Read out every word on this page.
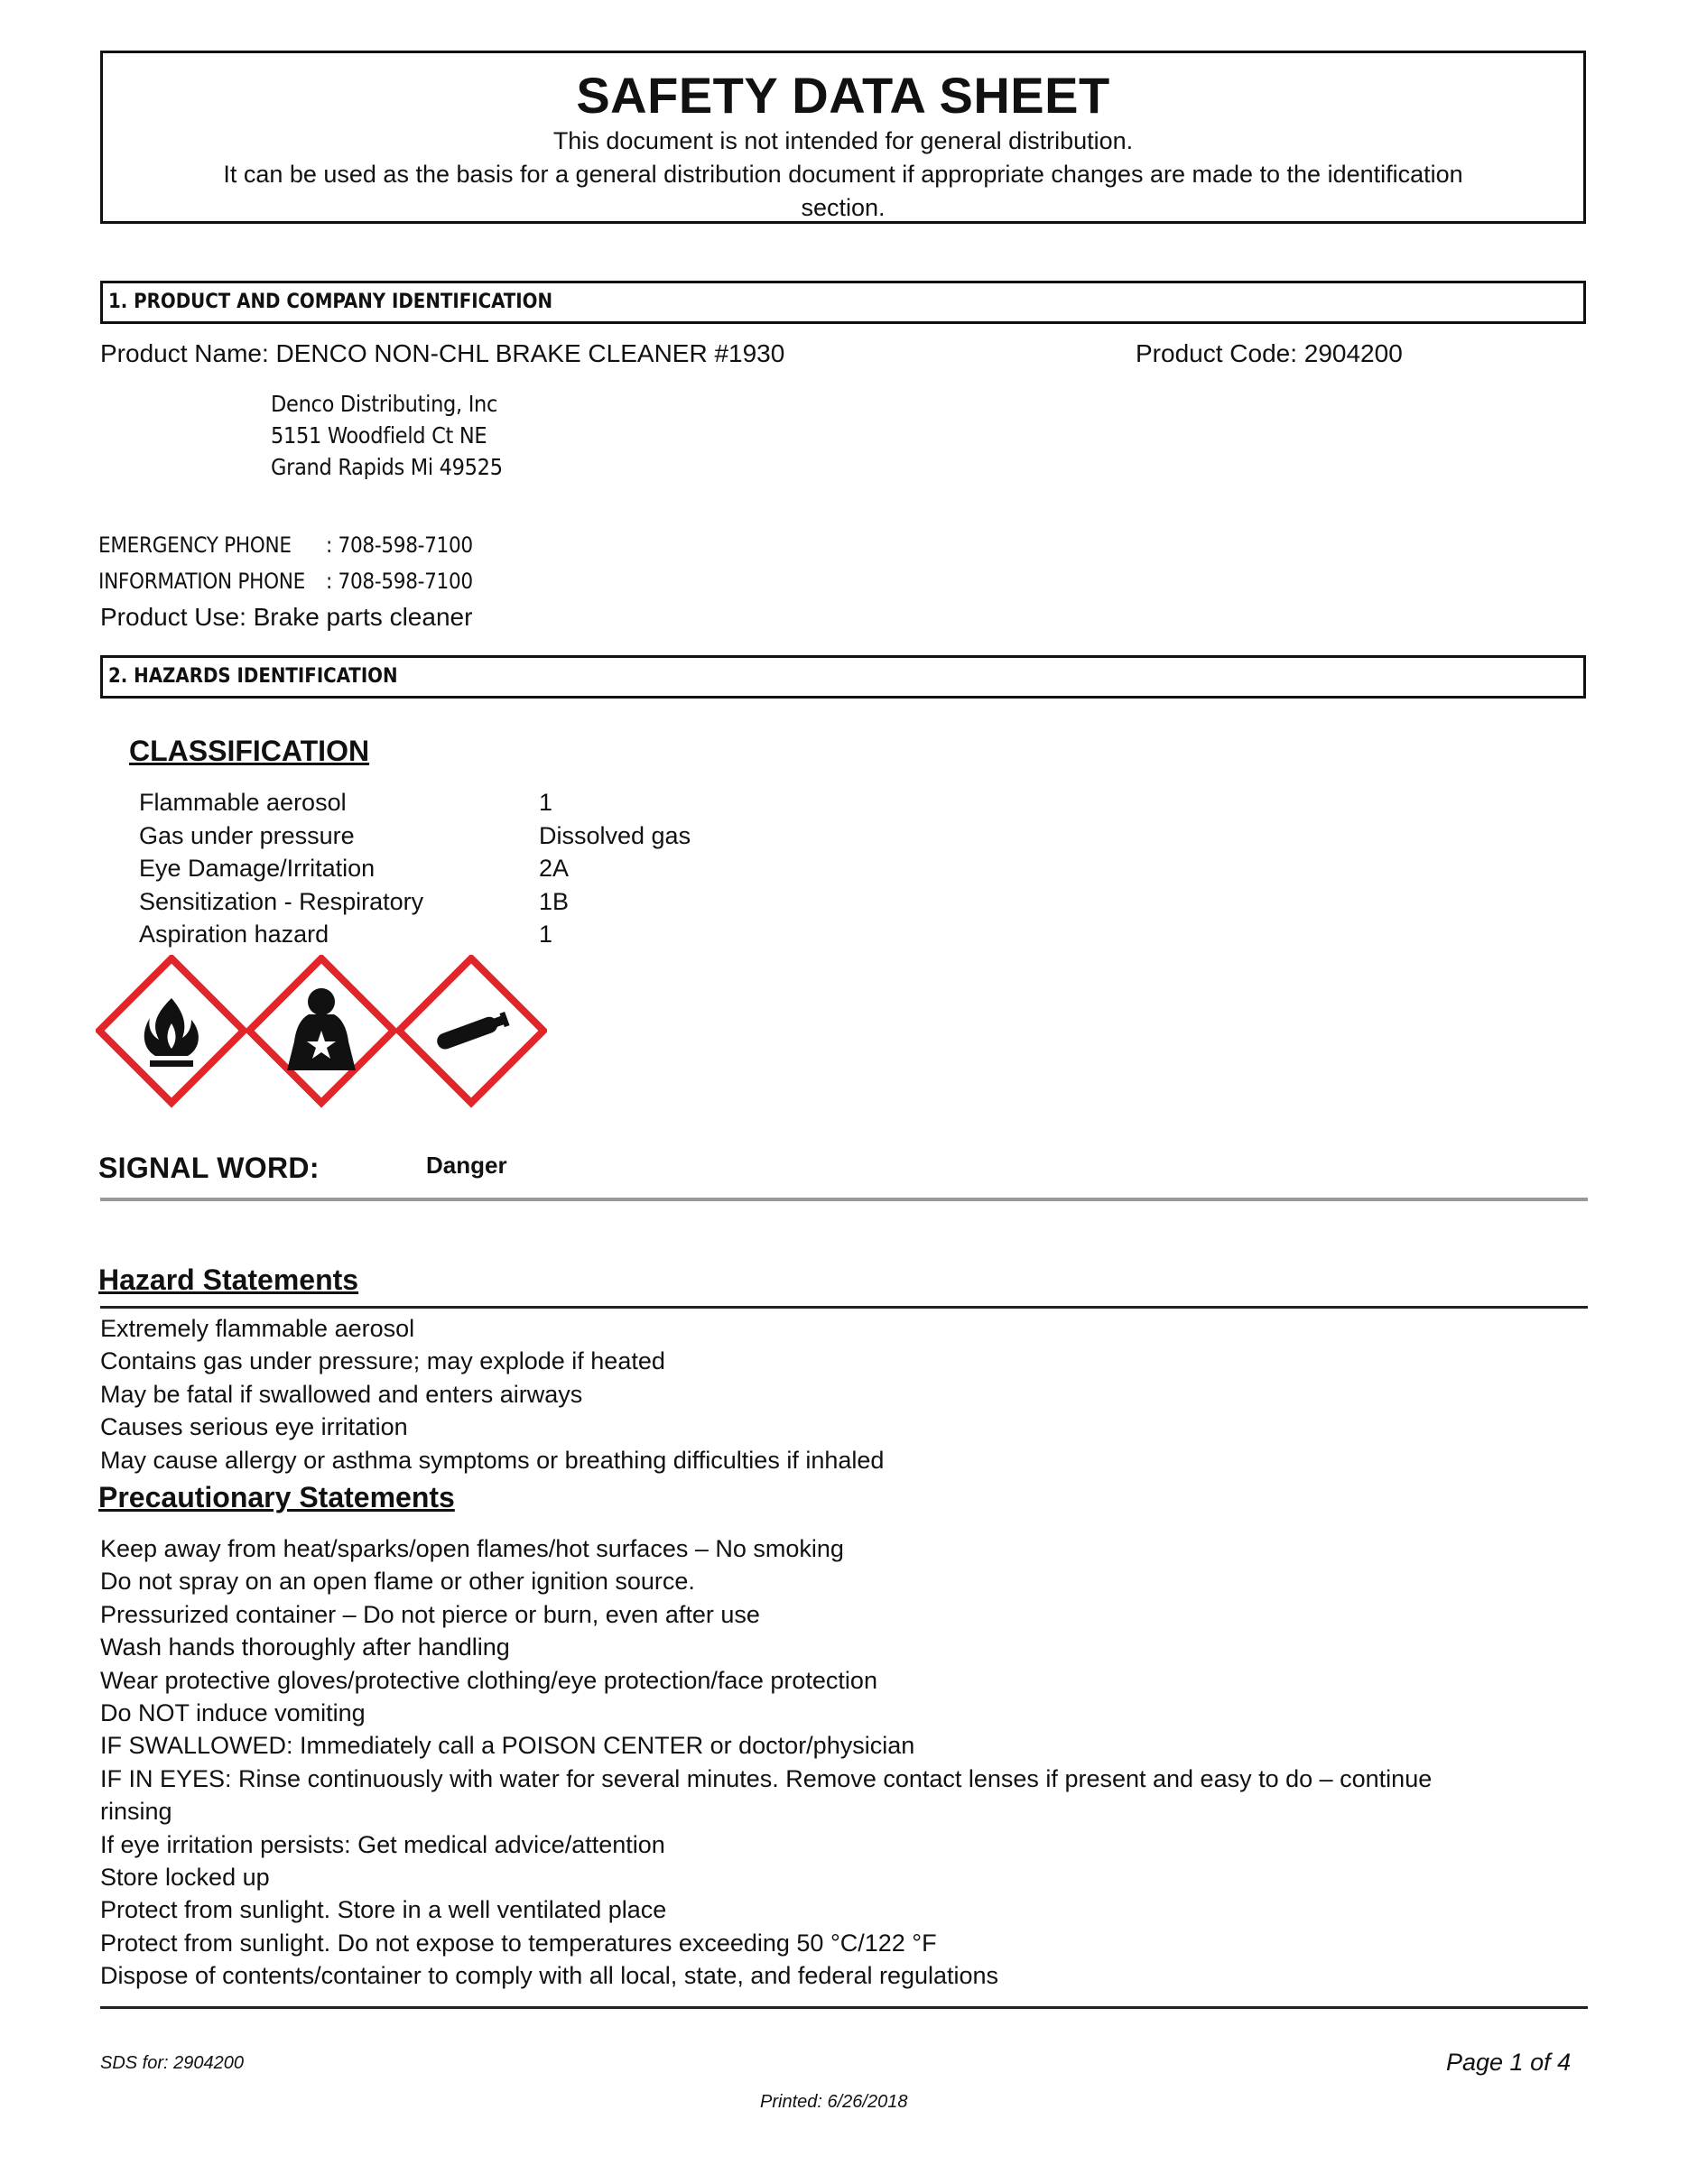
SAFETY DATA SHEET
This document is not intended for general distribution.
It can be used as the basis for a general distribution document if appropriate changes are made to the identification
section.
1. PRODUCT AND COMPANY IDENTIFICATION
Product Name: DENCO NON-CHL BRAKE CLEANER #1930	Product Code: 2904200
Denco Distributing, Inc
5151 Woodfield Ct NE
Grand Rapids Mi 49525
EMERGENCY PHONE : 708-598-7100
INFORMATION PHONE : 708-598-7100
Product Use: Brake parts cleaner
2. HAZARDS IDENTIFICATION
CLASSIFICATION
Flammable aerosol	1
Gas under pressure	Dissolved gas
Eye Damage/Irritation	2A
Sensitization - Respiratory	1B
Aspiration hazard	1
SIGNAL WORD:	Danger
Hazard Statements
Extremely flammable aerosol
Contains gas under pressure; may explode if heated
May be fatal if swallowed and enters airways
Causes serious eye irritation
May cause allergy or asthma symptoms or breathing difficulties if inhaled
Precautionary Statements
Keep away from heat/sparks/open flames/hot surfaces – No smoking
Do not spray on an open flame or other ignition source.
Pressurized container – Do not pierce or burn, even after use
Wash hands thoroughly after handling
Wear protective gloves/protective clothing/eye protection/face protection
Do NOT induce vomiting
IF SWALLOWED: Immediately call a POISON CENTER or doctor/physician
IF IN EYES: Rinse continuously with water for several minutes. Remove contact lenses if present and easy to do – continue
rinsing
If eye irritation persists: Get medical advice/attention
Store locked up
Protect from sunlight. Store in a well ventilated place
Protect from sunlight. Do not expose to temperatures exceeding 50 °C/122 °F
Dispose of contents/container to comply with all local, state, and federal regulations
SDS for: 2904200	Page 1 of 4
Printed: 6/26/2018
